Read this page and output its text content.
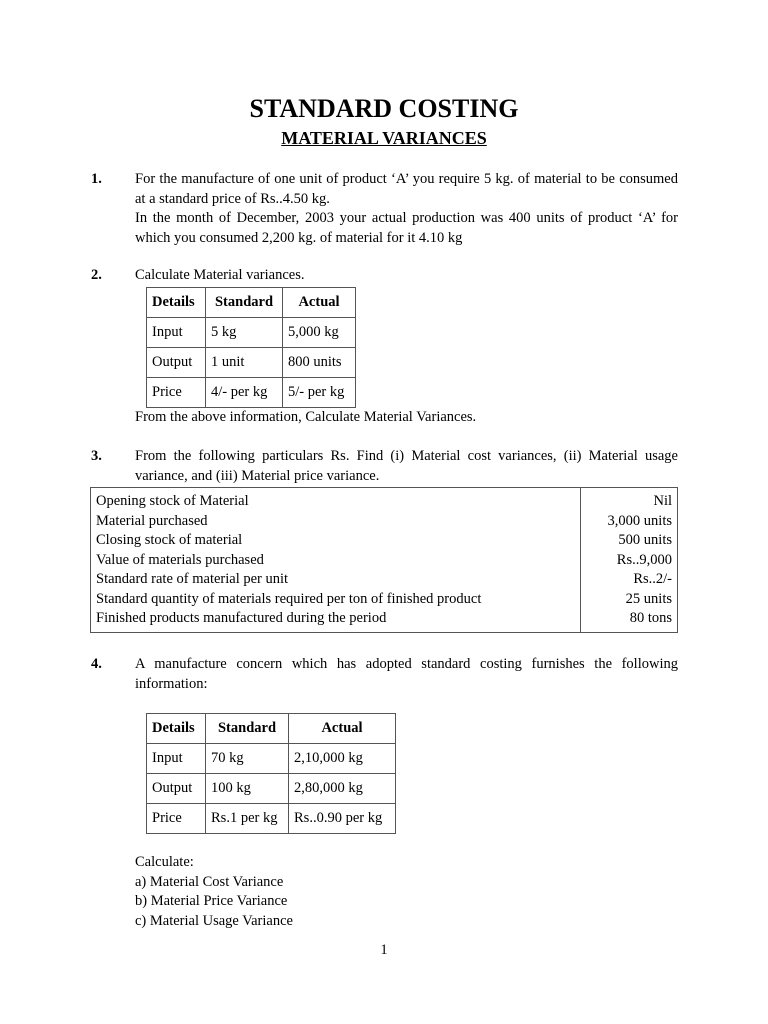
STANDARD COSTING
MATERIAL VARIANCES
1. For the manufacture of one unit of product ‘A’ you require 5 kg. of material to be consumed at a standard price of Rs..4.50 kg.

In the month of December, 2003 your actual production was 400 units of product ‘A’ for which you consumed 2,200 kg. of material for it 4.10 kg

2. Calculate Material variances.

Details	Standard	Actual
Input	5 kg	5,000 kg
Output	1 unit	800 units
Price	4/- per kg	5/- per kg

From the above information, Calculate Material Variances.

3. From the following particulars Rs. Find (i) Material cost variances, (ii) Material usage variance, and (iii) Material price variance.

Opening stock of Material	Nil
Material purchased	3,000 units
Closing stock of material	500 units
Value of materials purchased	Rs..9,000
Standard rate of material per unit	Rs..2/-
Standard quantity of materials required per ton of finished product	25 units
Finished products manufactured during the period	80 tons
4. A manufacture concern which has adopted standard costing furnishes the following information:

Details	Standard	Actual
Input	70 kg	2,10,000 kg
Output	100 kg	2,80,000 kg
Price	Rs.1 per kg	Rs..0.90 per kg

Calculate:

a) Material Cost Variance

b) Material Price Variance

c) Material Usage Variance

1
